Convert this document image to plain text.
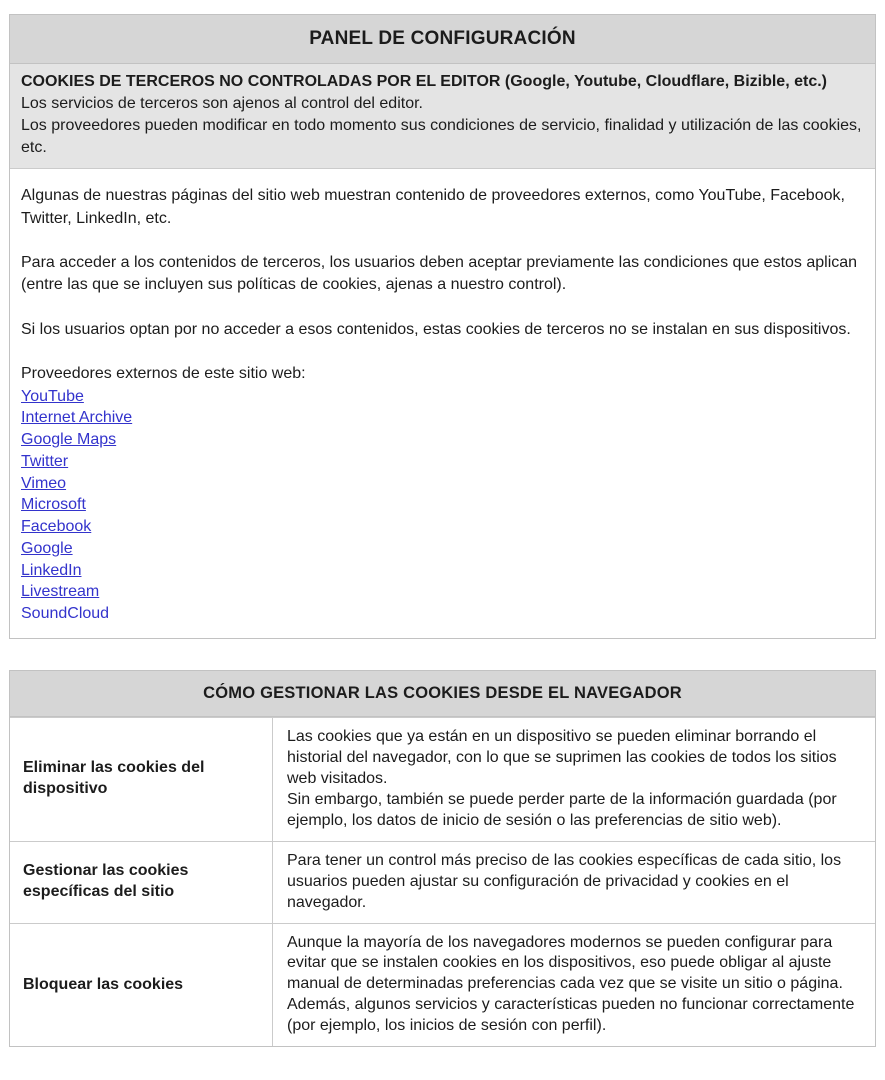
PANEL DE CONFIGURACIÓN
COOKIES DE TERCEROS NO CONTROLADAS POR EL EDITOR (Google, Youtube, Cloudflare, Bizible, etc.)
Los servicios de terceros son ajenos al control del editor.
Los proveedores pueden modificar en todo momento sus condiciones de servicio, finalidad y utilización de las cookies, etc.
Algunas de nuestras páginas del sitio web muestran contenido de proveedores externos, como YouTube, Facebook, Twitter, LinkedIn, etc.
Para acceder a los contenidos de terceros, los usuarios deben aceptar previamente las condiciones que estos aplican (entre las que se incluyen sus políticas de cookies, ajenas a nuestro control).
Si los usuarios optan por no acceder a esos contenidos, estas cookies de terceros no se instalan en sus dispositivos.
Proveedores externos de este sitio web:
YouTube
Internet Archive
Google Maps
Twitter
Vimeo
Microsoft
Facebook
Google
LinkedIn
Livestream
SoundCloud
CÓMO GESTIONAR LAS COOKIES DESDE EL NAVEGADOR
Eliminar las cookies del dispositivo
Las cookies que ya están en un dispositivo se pueden eliminar borrando el historial del navegador, con lo que se suprimen las cookies de todos los sitios web visitados.
Sin embargo, también se puede perder parte de la información guardada (por ejemplo, los datos de inicio de sesión o las preferencias de sitio web).
Gestionar las cookies específicas del sitio
Para tener un control más preciso de las cookies específicas de cada sitio, los usuarios pueden ajustar su configuración de privacidad y cookies en el navegador.
Bloquear las cookies
Aunque la mayoría de los navegadores modernos se pueden configurar para evitar que se instalen cookies en los dispositivos, eso puede obligar al ajuste manual de determinadas preferencias cada vez que se visite un sitio o página. Además, algunos servicios y características pueden no funcionar correctamente (por ejemplo, los inicios de sesión con perfil).
